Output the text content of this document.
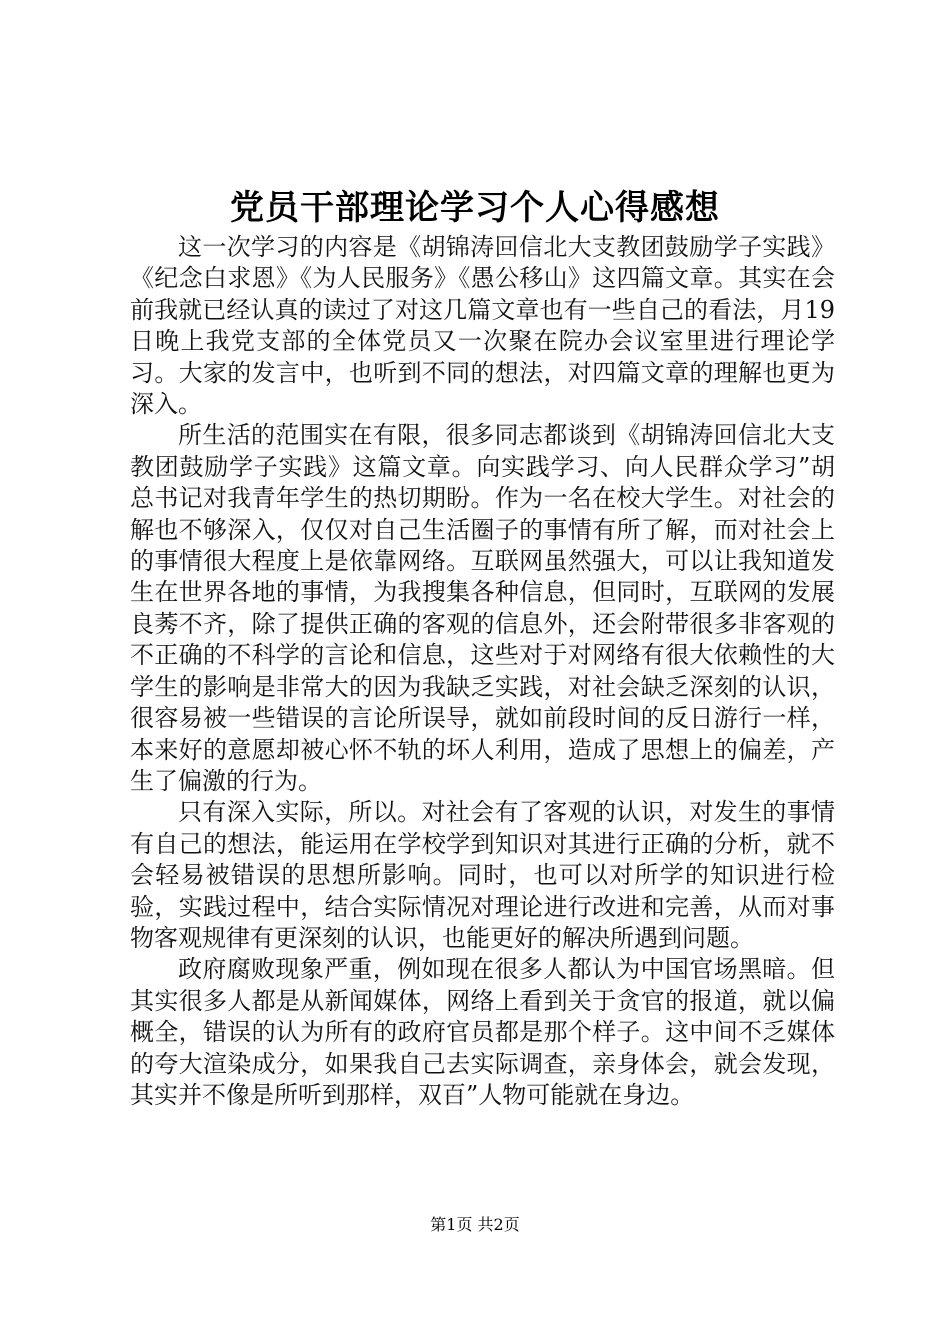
党员干部理论学习个人心得感想

这一次学习的内容是《胡锦涛回信北大支教团鼓励学子实践》《纪念白求恩》《为人民服务》《愚公移山》这四篇文章。其实在会前我就已经认真的读过了对这几篇文章也有一些自己的看法，月19日晚上我党支部的全体党员又一次聚在院办会议室里进行理论学习。大家的发言中，也听到不同的想法，对四篇文章的理解也更为深入。

所生活的范围实在有限，很多同志都谈到《胡锦涛回信北大支教团鼓励学子实践》这篇文章。向实践学习、向人民群众学习”胡总书记对我青年学生的热切期盼。作为一名在校大学生。对社会的解也不够深入，仅仅对自己生活圈子的事情有所了解，而对社会上的事情很大程度上是依靠网络。互联网虽然强大，可以让我知道发生在世界各地的事情，为我搜集各种信息，但同时，互联网的发展良莠不齐，除了提供正确的客观的信息外，还会附带很多非客观的不正确的不科学的言论和信息，这些对于对网络有很大依赖性的大学生的影响是非常大的因为我缺乏实践，对社会缺乏深刻的认识，很容易被一些错误的言论所误导，就如前段时间的反日游行一样，本来好的意愿却被心怀不轨的坏人利用，造成了思想上的偏差，产生了偏激的行为。

只有深入实际，所以。对社会有了客观的认识，对发生的事情有自己的想法，能运用在学校学到知识对其进行正确的分析，就不会轻易被错误的思想所影响。同时，也可以对所学的知识进行检验，实践过程中，结合实际情况对理论进行改进和完善，从而对事物客观规律有更深刻的认识，也能更好的解决所遇到问题。

政府腐败现象严重，例如现在很多人都认为中国官场黑暗。但其实很多人都是从新闻媒体，网络上看到关于贪官的报道，就以偏概全，错误的认为所有的政府官员都是那个样子。这中间不乏媒体的夸大渲染成分，如果我自己去实际调查，亲身体会，就会发现，其实并不像是所听到那样，双百”人物可能就在身边。

第1页 共2页
